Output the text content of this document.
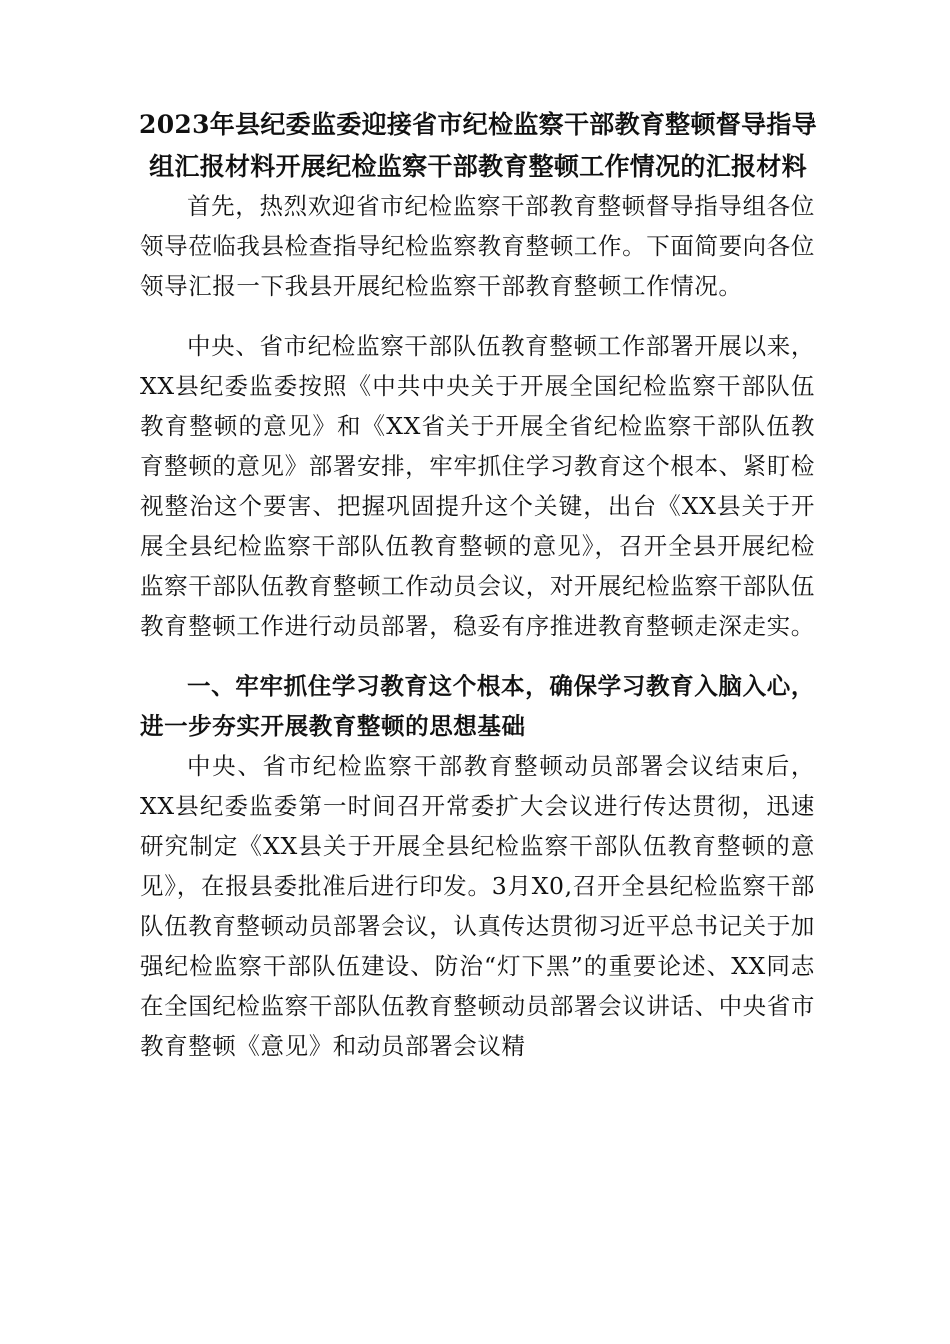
2023年县纪委监委迎接省市纪检监察干部教育整顿督导指导组汇报材料开展纪检监察干部教育整顿工作情况的汇报材料

首先，热烈欢迎省市纪检监察干部教育整顿督导指导组各位领导莅临我县检查指导纪检监察教育整顿工作。下面简要向各位领导汇报一下我县开展纪检监察干部教育整顿工作情况。

中央、省市纪检监察干部队伍教育整顿工作部署开展以来，XX县纪委监委按照《中共中央关于开展全国纪检监察干部队伍教育整顿的意见》和《XX省关于开展全省纪检监察干部队伍教育整顿的意见》部署安排，牢牢抓住学习教育这个根本、紧盯检视整治这个要害、把握巩固提升这个关键，出台《XX县关于开展全县纪检监察干部队伍教育整顿的意见》，召开全县开展纪检监察干部队伍教育整顿工作动员会议，对开展纪检监察干部队伍教育整顿工作进行动员部署，稳妥有序推进教育整顿走深走实。

一、牢牢抓住学习教育这个根本，确保学习教育入脑入心，进一步夯实开展教育整顿的思想基础

中央、省市纪检监察干部教育整顿动员部署会议结束后，XX县纪委监委第一时间召开常委扩大会议进行传达贯彻，迅速研究制定《XX县关于开展全县纪检监察干部队伍教育整顿的意见》，在报县委批准后进行印发。3月X0,召开全县纪检监察干部队伍教育整顿动员部署会议，认真传达贯彻习近平总书记关于加强纪检监察干部队伍建设、防治“灯下黑”的重要论述、XX同志在全国纪检监察干部队伍教育整顿动员部署会议讲话、中央省市教育整顿《意见》和动员部署会议精
